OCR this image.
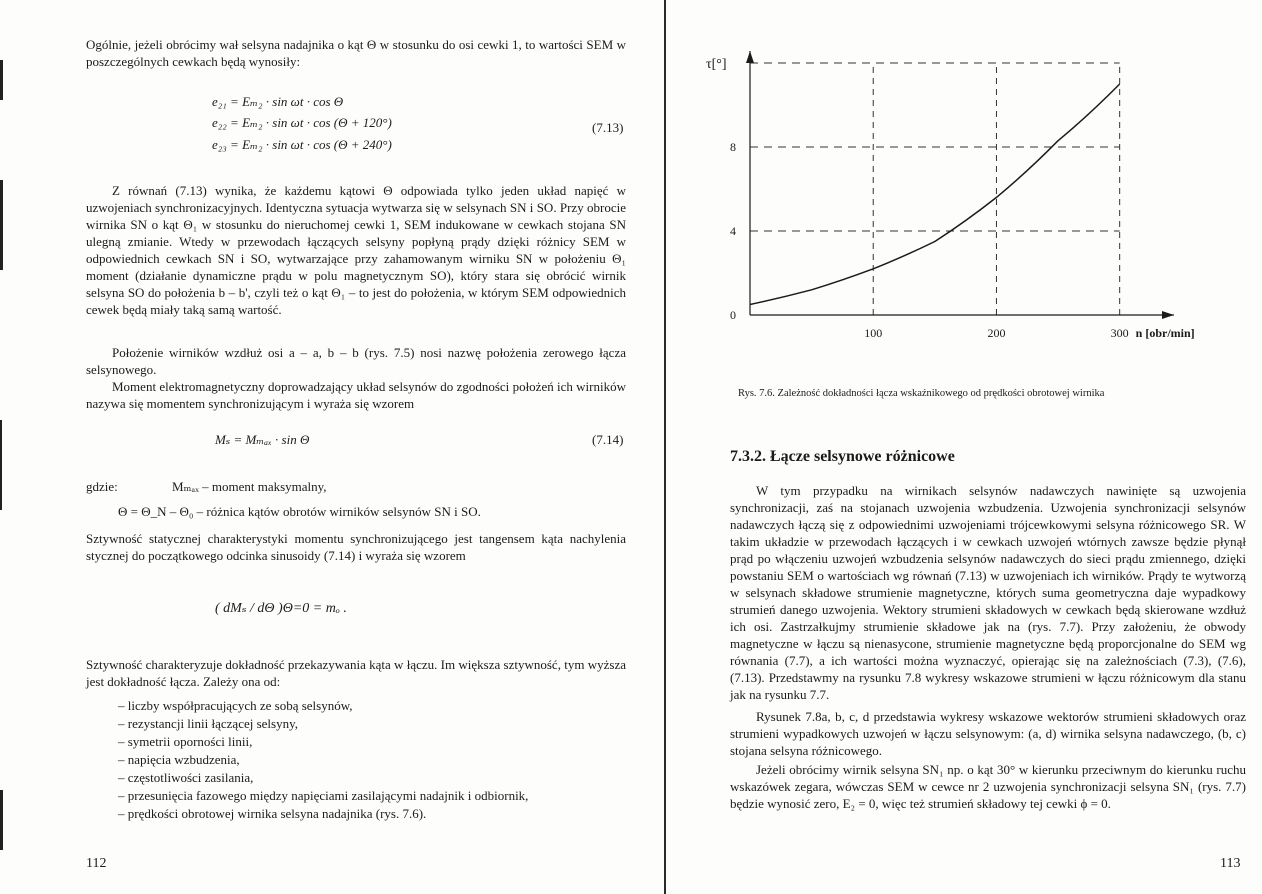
Ogólnie, jeżeli obrócimy wał selsyna nadajnika o kąt Θ w stosunku do osi cewki 1, to wartości SEM w poszczególnych cewkach będą wynosiły:

e₂₁ = Eₘ₂ · sin ωt · cos Θ
e₂₂ = Eₘ₂ · sin ωt · cos (Θ + 120°)
e₂₃ = Eₘ₂ · sin ωt · cos (Θ + 240°)
(7.13)

Z równań (7.13) wynika, że każdemu kątowi Θ odpowiada tylko jeden układ napięć w uzwojeniach synchronizacyjnych. Identyczna sytuacja wytwarza się w selsynach SN i SO. Przy obrocie wirnika SN o kąt Θ₁ w stosunku do nieruchomej cewki 1, SEM indukowane w cewkach stojana SN ulegną zmianie. Wtedy w przewodach łączących selsyny popłyną prądy dzięki różnicy SEM w odpowiednich cewkach SN i SO, wytwarzające przy zahamowanym wirniku SN w położeniu Θ₁ moment (działanie dynamiczne prądu w polu magnetycznym SO), który stara się obrócić wirnik selsyna SO do położenia b – b', czyli też o kąt Θ₁ – to jest do położenia, w którym SEM odpowiednich cewek będą miały taką samą wartość.

Położenie wirników wzdłuż osi a – a, b – b (rys. 7.5) nosi nazwę położenia zerowego łącza selsynowego.

Moment elektromagnetyczny doprowadzający układ selsynów do zgodności położeń ich wirników nazywa się momentem synchronizującym i wyraża się wzorem

Mₛ = Mₘₐₓ · sin Θ	(7.14)
gdzie:	Mₘₐₓ – moment maksymalny,
Θ = Θ_N – Θ₀ – różnica kątów obrotów wirników selsynów SN i SO.

Sztywność statycznej charakterystyki momentu synchronizującego jest tangensem kąta nachylenia stycznej do początkowego odcinka sinusoidy (7.14) i wyraża się wzorem

( dMₛ / dΘ )Θ=0 = mₒ .

Sztywność charakteryzuje dokładność przekazywania kąta w łączu. Im większa sztywność, tym wyższa jest dokładność łącza. Zależy ona od:

– liczby współpracujących ze sobą selsynów,
– rezystancji linii łączącej selsyny,
– symetrii oporności linii,
– napięcia wzbudzenia,
– częstotliwości zasilania,
– przesunięcia fazowego między napięciami zasilającymi nadajnik i odbiornik,
– prędkości obrotowej wirnika selsyna nadajnika (rys. 7.6).
112
0
4
8
100	200	300
τ[°]
n [obr/min]
Rys. 7.6. Zależność dokładności łącza wskaźnikowego od prędkości obrotowej wirnika
7.3.2. Łącze selsynowe różnicowe

W tym przypadku na wirnikach selsynów nadawczych nawinięte są uzwojenia synchronizacji, zaś na stojanach uzwojenia wzbudzenia. Uzwojenia synchronizacji selsynów nadawczych łączą się z odpowiednimi uzwojeniami trójcewkowymi selsyna różnicowego SR. W takim układzie w przewodach łączących i w cewkach uzwojeń wtórnych zawsze będzie płynął prąd po włączeniu uzwojeń wzbudzenia selsynów nadawczych do sieci prądu zmiennego, dzięki powstaniu SEM o wartościach wg równań (7.13) w uzwojeniach ich wirników. Prądy te wytworzą w selsynach składowe strumienie magnetyczne, których suma geometryczna daje wypadkowy strumień danego uzwojenia. Wektory strumieni składowych w cewkach będą skierowane wzdłuż ich osi. Zastrzałkujmy strumienie składowe jak na (rys. 7.7). Przy założeniu, że obwody magnetyczne w łączu są nienasycone, strumienie magnetyczne będą proporcjonalne do SEM wg równania (7.7), a ich wartości można wyznaczyć, opierając się na zależnościach (7.3), (7.6), (7.13). Przedstawmy na rysunku 7.8 wykresy wskazowe strumieni w łączu różnicowym dla stanu jak na rysunku 7.7.

Rysunek 7.8a, b, c, d przedstawia wykresy wskazowe wektorów strumieni składowych oraz strumieni wypadkowych uzwojeń w łączu selsynowym: (a, d) wirnika selsyna nadawczego, (b, c) stojana selsyna różnicowego.

Jeżeli obrócimy wirnik selsyna SN₁ np. o kąt 30° w kierunku przeciwnym do kierunku ruchu wskazówek zegara, wówczas SEM w cewce nr 2 uzwojenia synchronizacji selsyna SN₁ (rys. 7.7) będzie wynosić zero, E₂ = 0, więc też strumień składowy tej cewki ϕ = 0.

113
